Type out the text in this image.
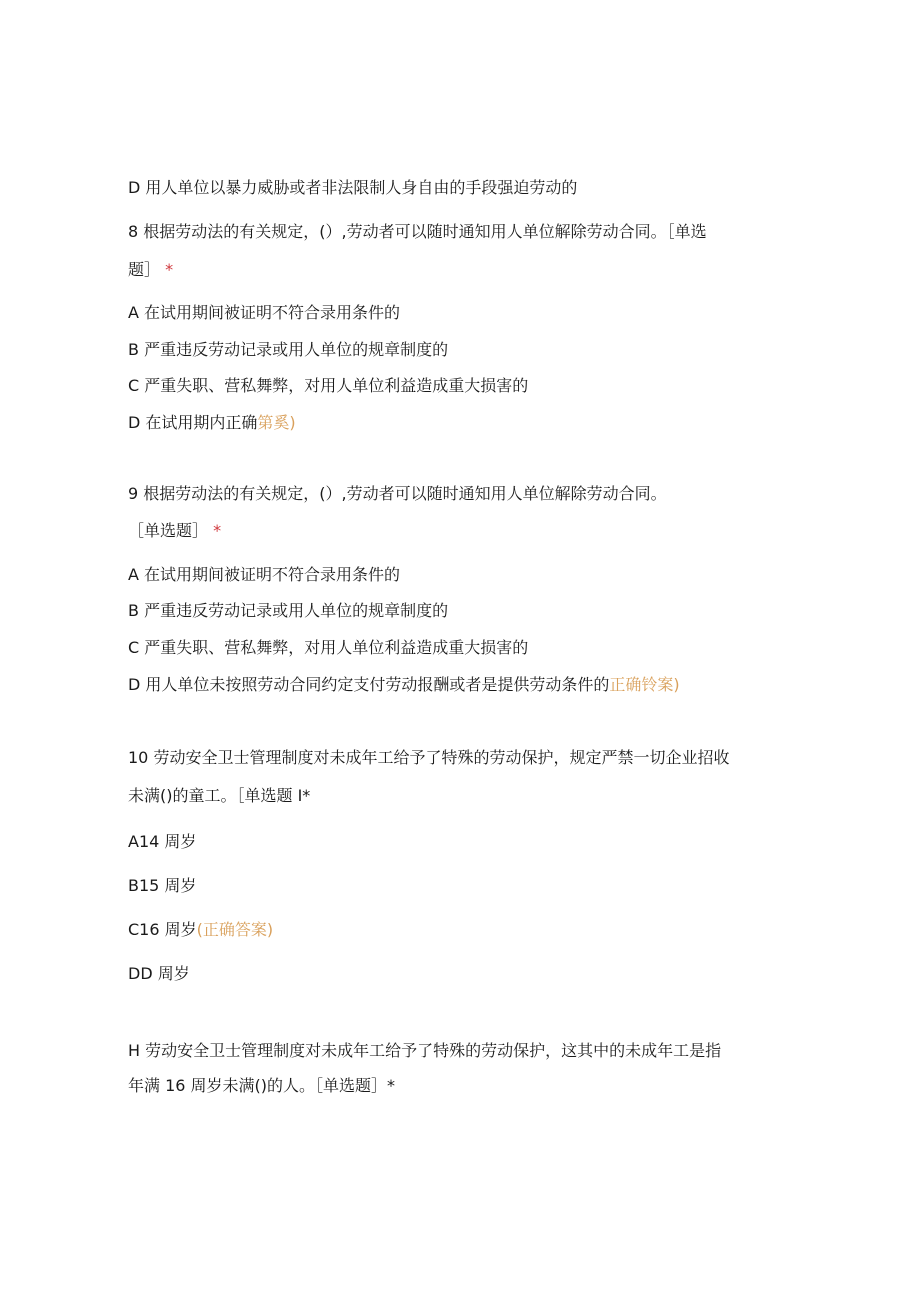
D 用人单位以暴力威胁或者非法限制人身自由的手段强迫劳动的
8 根据劳动法的有关规定，(）,劳动者可以随时通知用人单位解除劳动合同。［单选
题］ *
A 在试用期间被证明不符合录用条件的
B 严重违反劳动记录或用人单位的规章制度的
C 严重失职、营私舞弊，对用人单位利益造成重大损害的
D 在试用期内正确第奚)
9 根据劳动法的有关规定，(）,劳动者可以随时通知用人单位解除劳动合同。
［单选题］ *
A 在试用期间被证明不符合录用条件的
B 严重违反劳动记录或用人单位的规章制度的
C 严重失职、营私舞弊，对用人单位利益造成重大损害的
D 用人单位未按照劳动合同约定支付劳动报酬或者是提供劳动条件的正确铃案)
10 劳动安全卫士管理制度对未成年工给予了特殊的劳动保护，规定严禁一切企业招收
未满()的童工。［单选题 I*
A14 周岁
B15 周岁
C16 周岁(正确答案)
DD 周岁
H 劳动安全卫士管理制度对未成年工给予了特殊的劳动保护，这其中的未成年工是指
年满 16 周岁未满()的人。［单选题］*
